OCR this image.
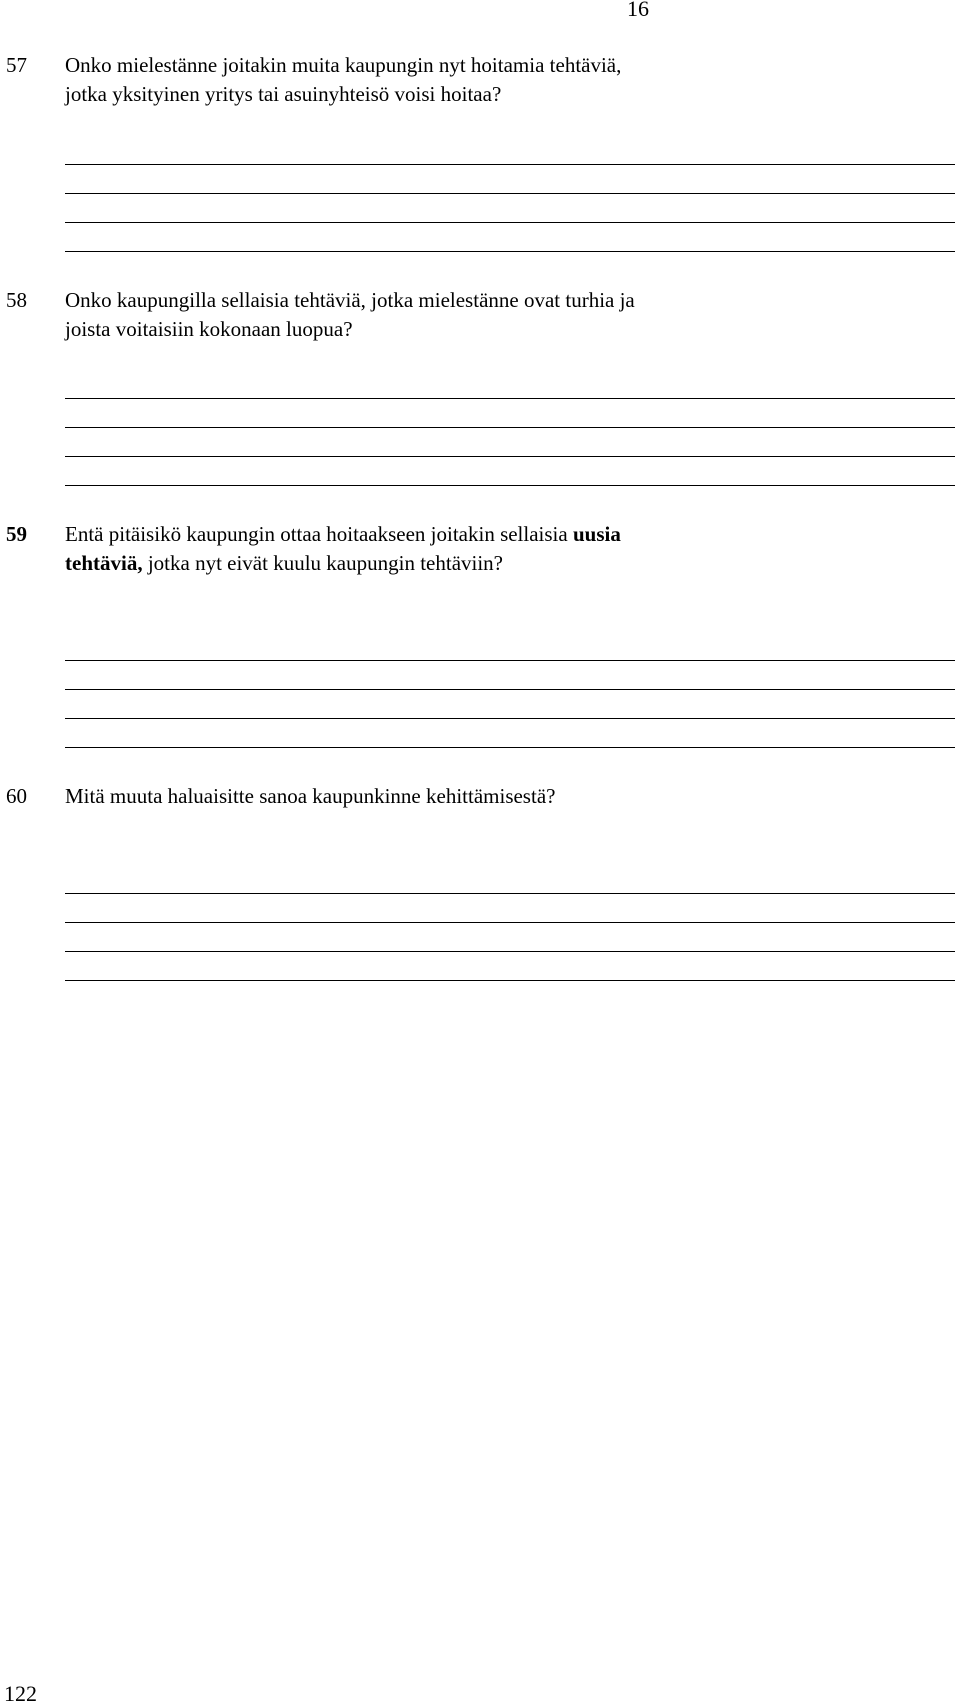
16
57 Onko mielestänne joitakin muita kaupungin nyt hoitamia tehtäviä,
jotka yksityinen yritys tai asuinyhteisö voisi hoitaa?

58 Onko kaupungilla sellaisia tehtäviä, jotka mielestänne ovat turhia ja
joista voitaisiin kokonaan luopua?

59 Entä pitäisikö kaupungin ottaa hoitaakseen joitakin sellaisia uusia
tehtäviä, jotka nyt eivät kuulu kaupungin tehtäviin?

60 Mitä muuta haluaisitte sanoa kaupunkinne kehittämisestä?

122
